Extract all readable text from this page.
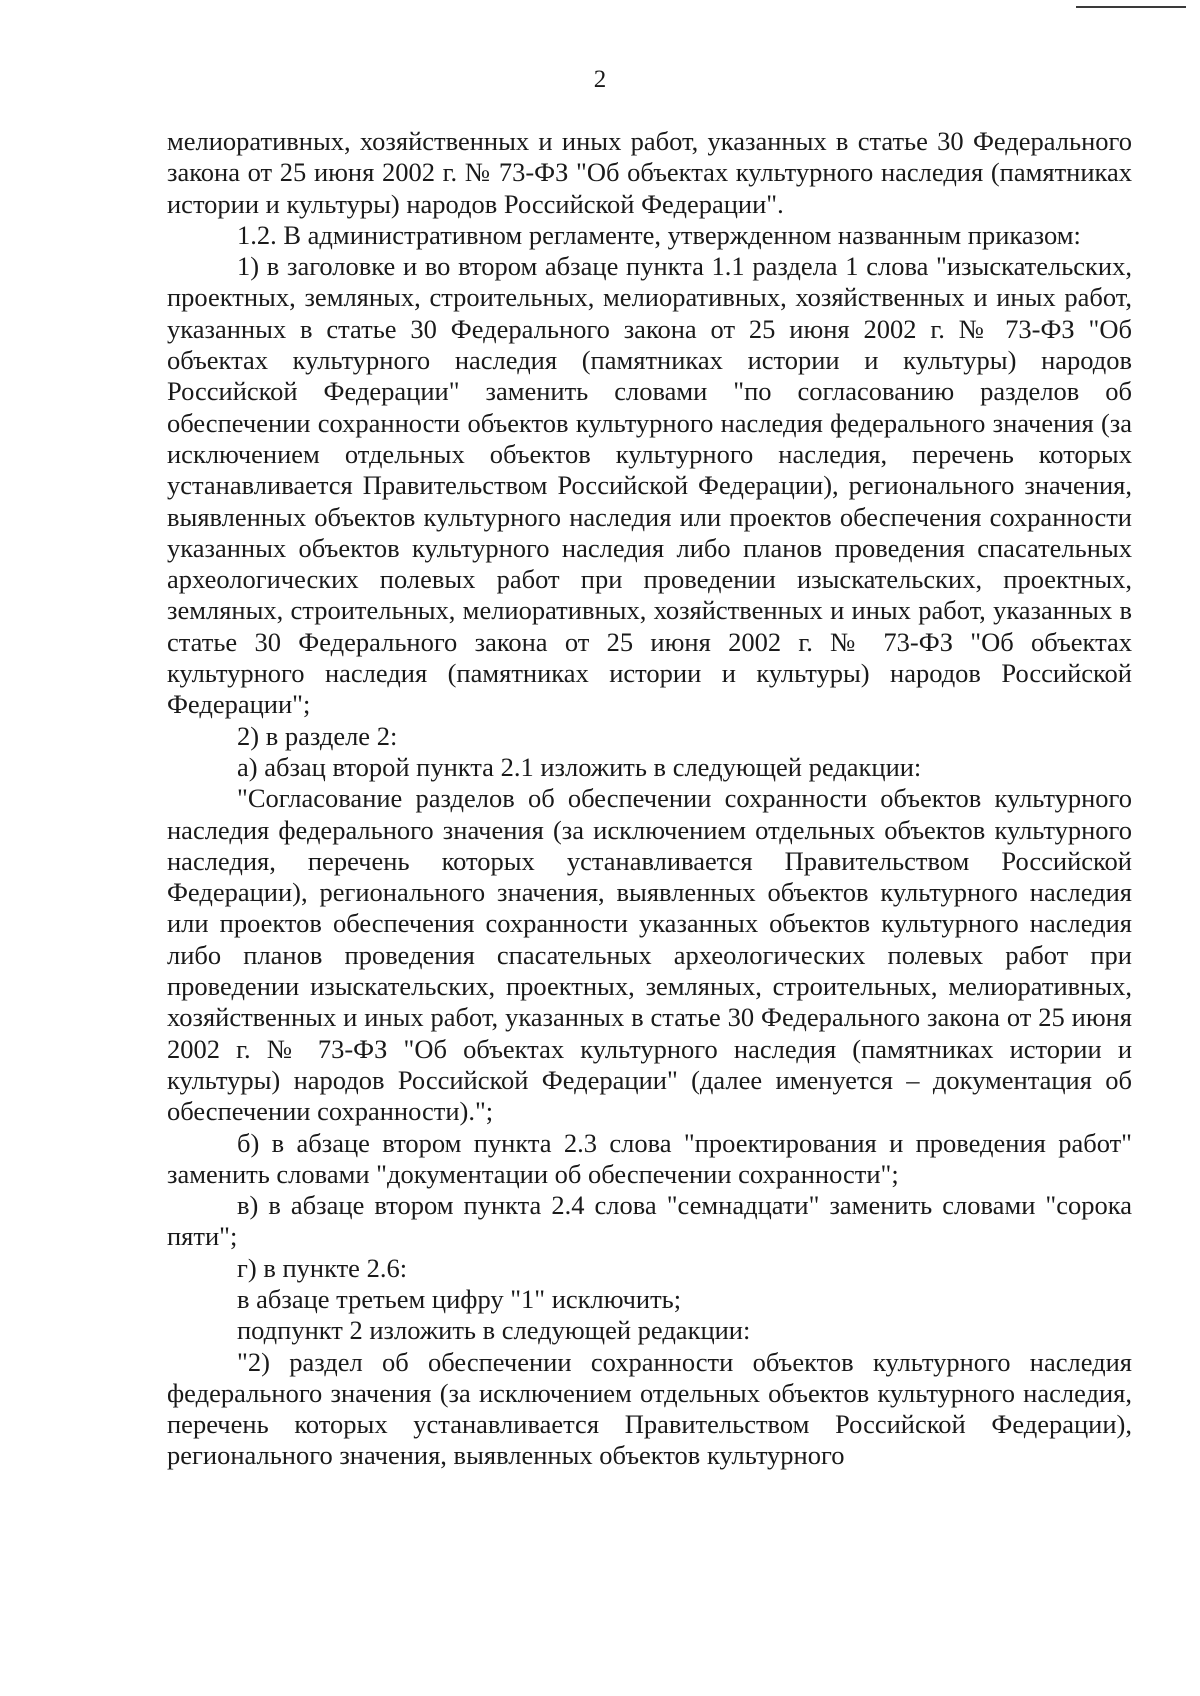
2

мелиоративных, хозяйственных и иных работ, указанных в статье 30 Федерального закона от 25 июня 2002 г. № 73-ФЗ "Об объектах культурного наследия (памятниках истории и культуры) народов Российской Федерации".

1.2. В административном регламенте, утвержденном названным приказом:

1) в заголовке и во втором абзаце пункта 1.1 раздела 1 слова "изыскательских, проектных, земляных, строительных, мелиоративных, хозяйственных и иных работ, указанных в статье 30 Федерального закона от 25 июня 2002 г. № 73-ФЗ "Об объектах культурного наследия (памятниках истории и культуры) народов Российской Федерации" заменить словами "по согласованию разделов об обеспечении сохранности объектов культурного наследия федерального значения (за исключением отдельных объектов культурного наследия, перечень которых устанавливается Правительством Российской Федерации), регионального значения, выявленных объектов культурного наследия или проектов обеспечения сохранности указанных объектов культурного наследия либо планов проведения спасательных археологических полевых работ при проведении изыскательских, проектных, земляных, строительных, мелиоративных, хозяйственных и иных работ, указанных в статье 30 Федерального закона от 25 июня 2002 г. № 73-ФЗ "Об объектах культурного наследия (памятниках истории и культуры) народов Российской Федерации";

2) в разделе 2:

а) абзац второй пункта 2.1 изложить в следующей редакции:

"Согласование разделов об обеспечении сохранности объектов культурного наследия федерального значения (за исключением отдельных объектов культурного наследия, перечень которых устанавливается Правительством Российской Федерации), регионального значения, выявленных объектов культурного наследия или проектов обеспечения сохранности указанных объектов культурного наследия либо планов проведения спасательных археологических полевых работ при проведении изыскательских, проектных, земляных, строительных, мелиоративных, хозяйственных и иных работ, указанных в статье 30 Федерального закона от 25 июня 2002 г. № 73-ФЗ "Об объектах культурного наследия (памятниках истории и культуры) народов Российской Федерации" (далее именуется – документация об обеспечении сохранности).";

б) в абзаце втором пункта 2.3 слова "проектирования и проведения работ" заменить словами "документации об обеспечении сохранности";

в) в абзаце втором пункта 2.4 слова "семнадцати" заменить словами "сорока пяти";

г) в пункте 2.6:

в абзаце третьем цифру "1" исключить;

подпункт 2 изложить в следующей редакции:

"2) раздел об обеспечении сохранности объектов культурного наследия федерального значения (за исключением отдельных объектов культурного наследия, перечень которых устанавливается Правительством Российской Федерации), регионального значения, выявленных объектов культурного
